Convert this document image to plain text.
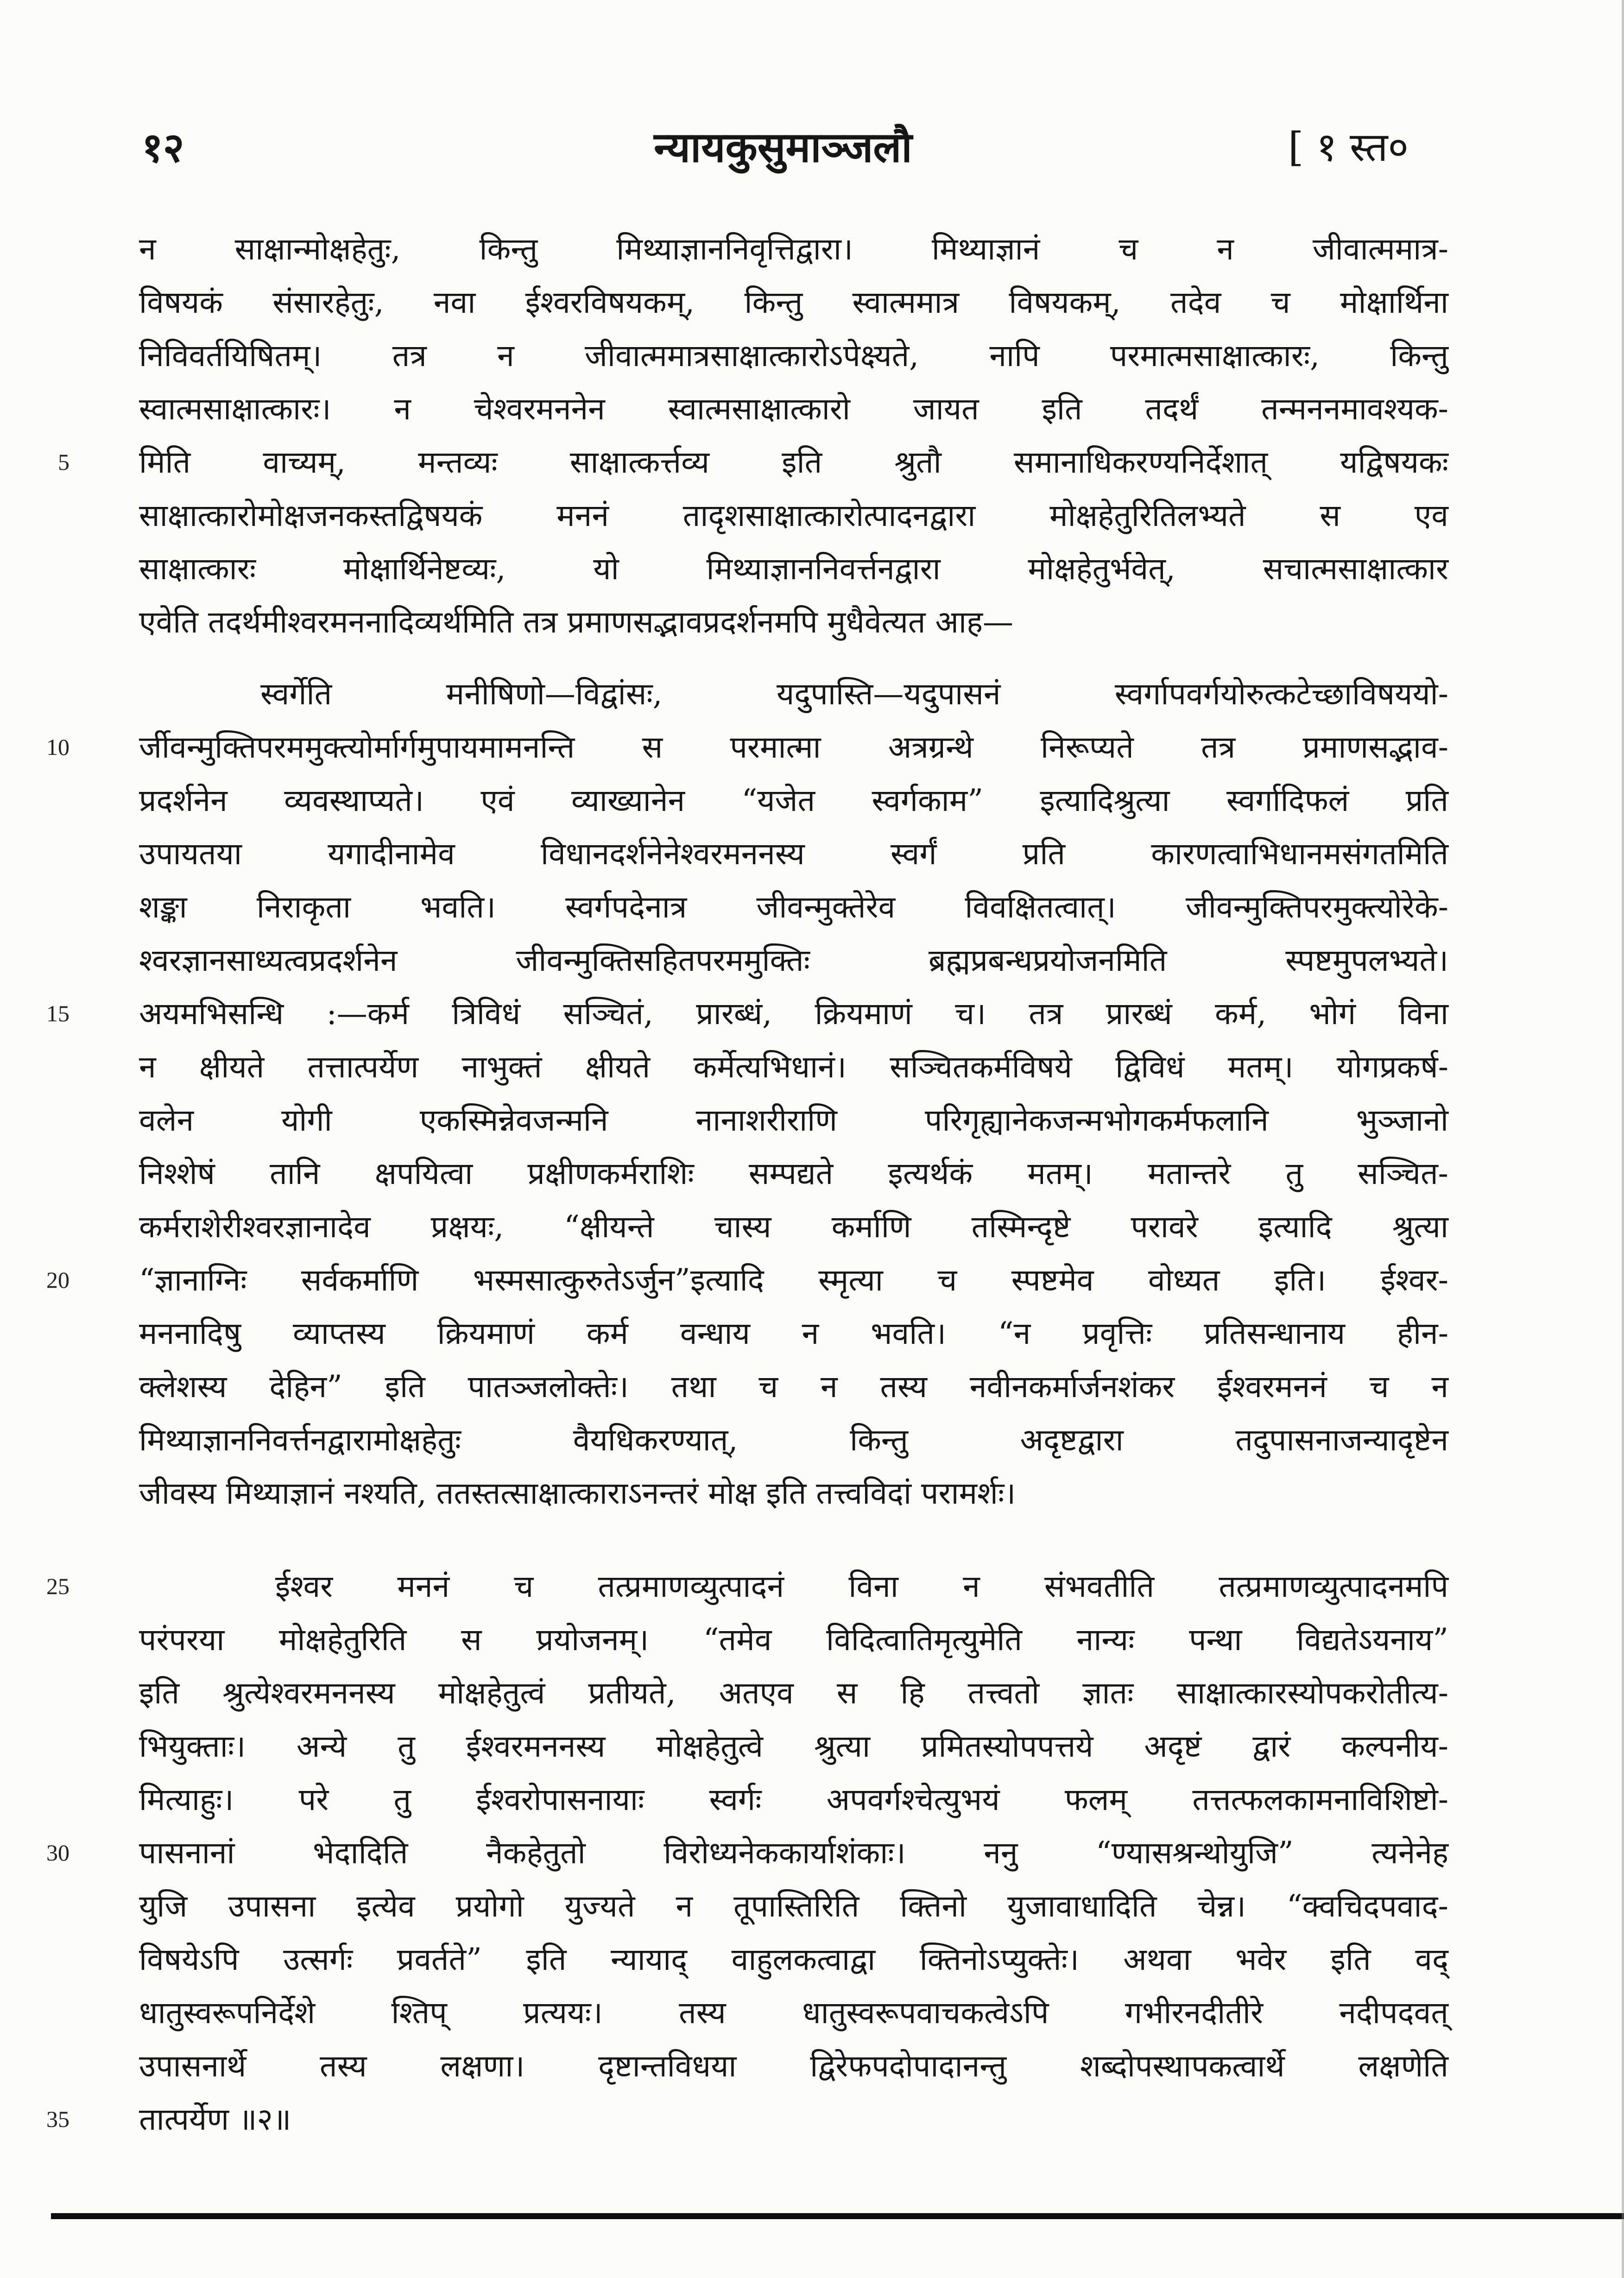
१२	न्यायकुसुमाञ्जलौ	[ १ स्त०
न साक्षान्मोक्षहेतुः, किन्तु मिथ्याज्ञाननिवृत्तिद्वारा। मिथ्याज्ञानं च न जीवात्ममात्र-
विषयकं संसारहेतुः, नवा ईश्वरविषयकम्, किन्तु स्वात्ममात्र विषयकम्, तदेव च मोक्षार्थिना
निविवर्तयिषितम्। तत्र न जीवात्ममात्रसाक्षात्कारोऽपेक्ष्यते, नापि परमात्मसाक्षात्कारः, किन्तु
स्वात्मसाक्षात्कारः। न चेश्वरमननेन स्वात्मसाक्षात्कारो जायत इति तदर्थं तन्मननमावश्यक-
5 मिति वाच्यम्, मन्तव्यः साक्षात्कर्त्तव्य इति श्रुतौ समानाधिकरण्यनिर्देशात् यद्विषयकः
साक्षात्कारोमोक्षजनकस्तद्विषयकं मननं तादृशसाक्षात्कारोत्पादनद्वारा मोक्षहेतुरितिलभ्यते स एव
साक्षात्कारः मोक्षार्थिनेष्टव्यः, यो मिथ्याज्ञाननिवर्त्तनद्वारा मोक्षहेतुर्भवेत्, सचात्मसाक्षात्कार
एवेति तदर्थमीश्वरमननादिव्यर्थमिति तत्र प्रमाणसद्भावप्रदर्शनमपि मुधैवेत्यत आह—
स्वर्गेति मनीषिणो—विद्वांसः, यदुपास्ति—यदुपासनं स्वर्गापवर्गयोरुत्कटेच्छाविषययो-
10 र्जीवन्मुक्तिपरममुक्त्योर्मार्गमुपायमामनन्ति स परमात्मा अत्रग्रन्थे निरूप्यते तत्र प्रमाणसद्भाव-
प्रदर्शनेन व्यवस्थाप्यते। एवं व्याख्यानेन “यजेत स्वर्गकाम” इत्यादिश्रुत्या स्वर्गादिफलं प्रति
उपायतया यगादीनामेव विधानदर्शनेनेश्वरमननस्य स्वर्गं प्रति कारणत्वाभिधानमसंगतमिति
शङ्का निराकृता भवति। स्वर्गपदेनात्र जीवन्मुक्तेरेव विवक्षितत्वात्। जीवन्मुक्तिपरमुक्त्योरेके-
श्वरज्ञानसाध्यत्वप्रदर्शनेन जीवन्मुक्तिसहितपरममुक्तिः ब्रह्मप्रबन्धप्रयोजनमिति स्पष्टमुपलभ्यते।
15 अयमभिसन्धि :—कर्म त्रिविधं सञ्चितं, प्रारब्धं, क्रियमाणं च। तत्र प्रारब्धं कर्म, भोगं विना
न क्षीयते तत्तात्पर्येण नाभुक्तं क्षीयते कर्मेत्यभिधानं। सञ्चितकर्मविषये द्विविधं मतम्। योगप्रकर्ष-
वलेन योगी एकस्मिन्नेवजन्मनि नानाशरीराणि परिगृह्यानेकजन्मभोगकर्मफलानि भुञ्जानो
निश्शेषं तानि क्षपयित्वा प्रक्षीणकर्मराशिः सम्पद्यते इत्यर्थकं मतम्। मतान्तरे तु सञ्चित-
कर्मराशेरीश्वरज्ञानादेव प्रक्षयः, “क्षीयन्ते चास्य कर्माणि तस्मिन्दृष्टे परावरे इत्यादि श्रुत्या
20 “ज्ञानाग्निः सर्वकर्माणि भस्मसात्कुरुतेऽर्जुन”इत्यादि स्मृत्या च स्पष्टमेव वोध्यत इति। ईश्वर-
मननादिषु व्याप्तस्य क्रियमाणं कर्म वन्धाय न भवति। “न प्रवृत्तिः प्रतिसन्धानाय हीन-
क्लेशस्य देहिन” इति पातञ्जलोक्तेः। तथा च न तस्य नवीनकर्मार्जनशंकर ईश्वरमननं च न
मिथ्याज्ञाननिवर्त्तनद्वारामोक्षहेतुः वैयधिकरण्यात्, किन्तु अदृष्टद्वारा तदुपासनाजन्यादृष्टेन
जीवस्य मिथ्याज्ञानं नश्यति, ततस्तत्साक्षात्काराऽनन्तरं मोक्ष इति तत्त्वविदां परामर्शः।
25	ईश्वर मननं च तत्प्रमाणव्युत्पादनं विना न संभवतीति तत्प्रमाणव्युत्पादनमपि
परंपरया मोक्षहेतुरिति स प्रयोजनम्। “तमेव विदित्वातिमृत्युमेति नान्यः पन्था विद्यतेऽयनाय”
इति श्रुत्येश्वरमननस्य मोक्षहेतुत्वं प्रतीयते, अतएव स हि तत्त्वतो ज्ञातः साक्षात्कारस्योपकरोतीत्य-
भियुक्ताः। अन्ये तु ईश्वरमननस्य मोक्षहेतुत्वे श्रुत्या प्रमितस्योपपत्तये अदृष्टं द्वारं कल्पनीय-
मित्याहुः। परे तु ईश्वरोपासनायाः स्वर्गः अपवर्गश्चेत्युभयं फलम् तत्तत्फलकामनाविशिष्टो-
30 पासनानां भेदादिति नैकहेतुतो विरोध्यनेककार्याशंकाः। ननु “ण्यासश्रन्थोयुजि” त्यनेनेह
युजि उपासना इत्येव प्रयोगो युज्यते न तूपास्तिरिति क्तिनो युजावाधादिति चेन्न। “क्वचिदपवाद-
विषयेऽपि उत्सर्गः प्रवर्तते” इति न्यायाद् वाहुलकत्वाद्वा क्तिनोऽप्युक्तेः। अथवा भवेर इति वद्
धातुस्वरूपनिर्देशे श्तिप् प्रत्ययः। तस्य धातुस्वरूपवाचकत्वेऽपि गभीरनदीतीरे नदीपदवत्
उपासनार्थे तस्य लक्षणा। दृष्टान्तविधया द्विरेफपदोपादानन्तु शब्दोपस्थापकत्वार्थे लक्षणेति
35 तात्पर्येण ॥२॥
